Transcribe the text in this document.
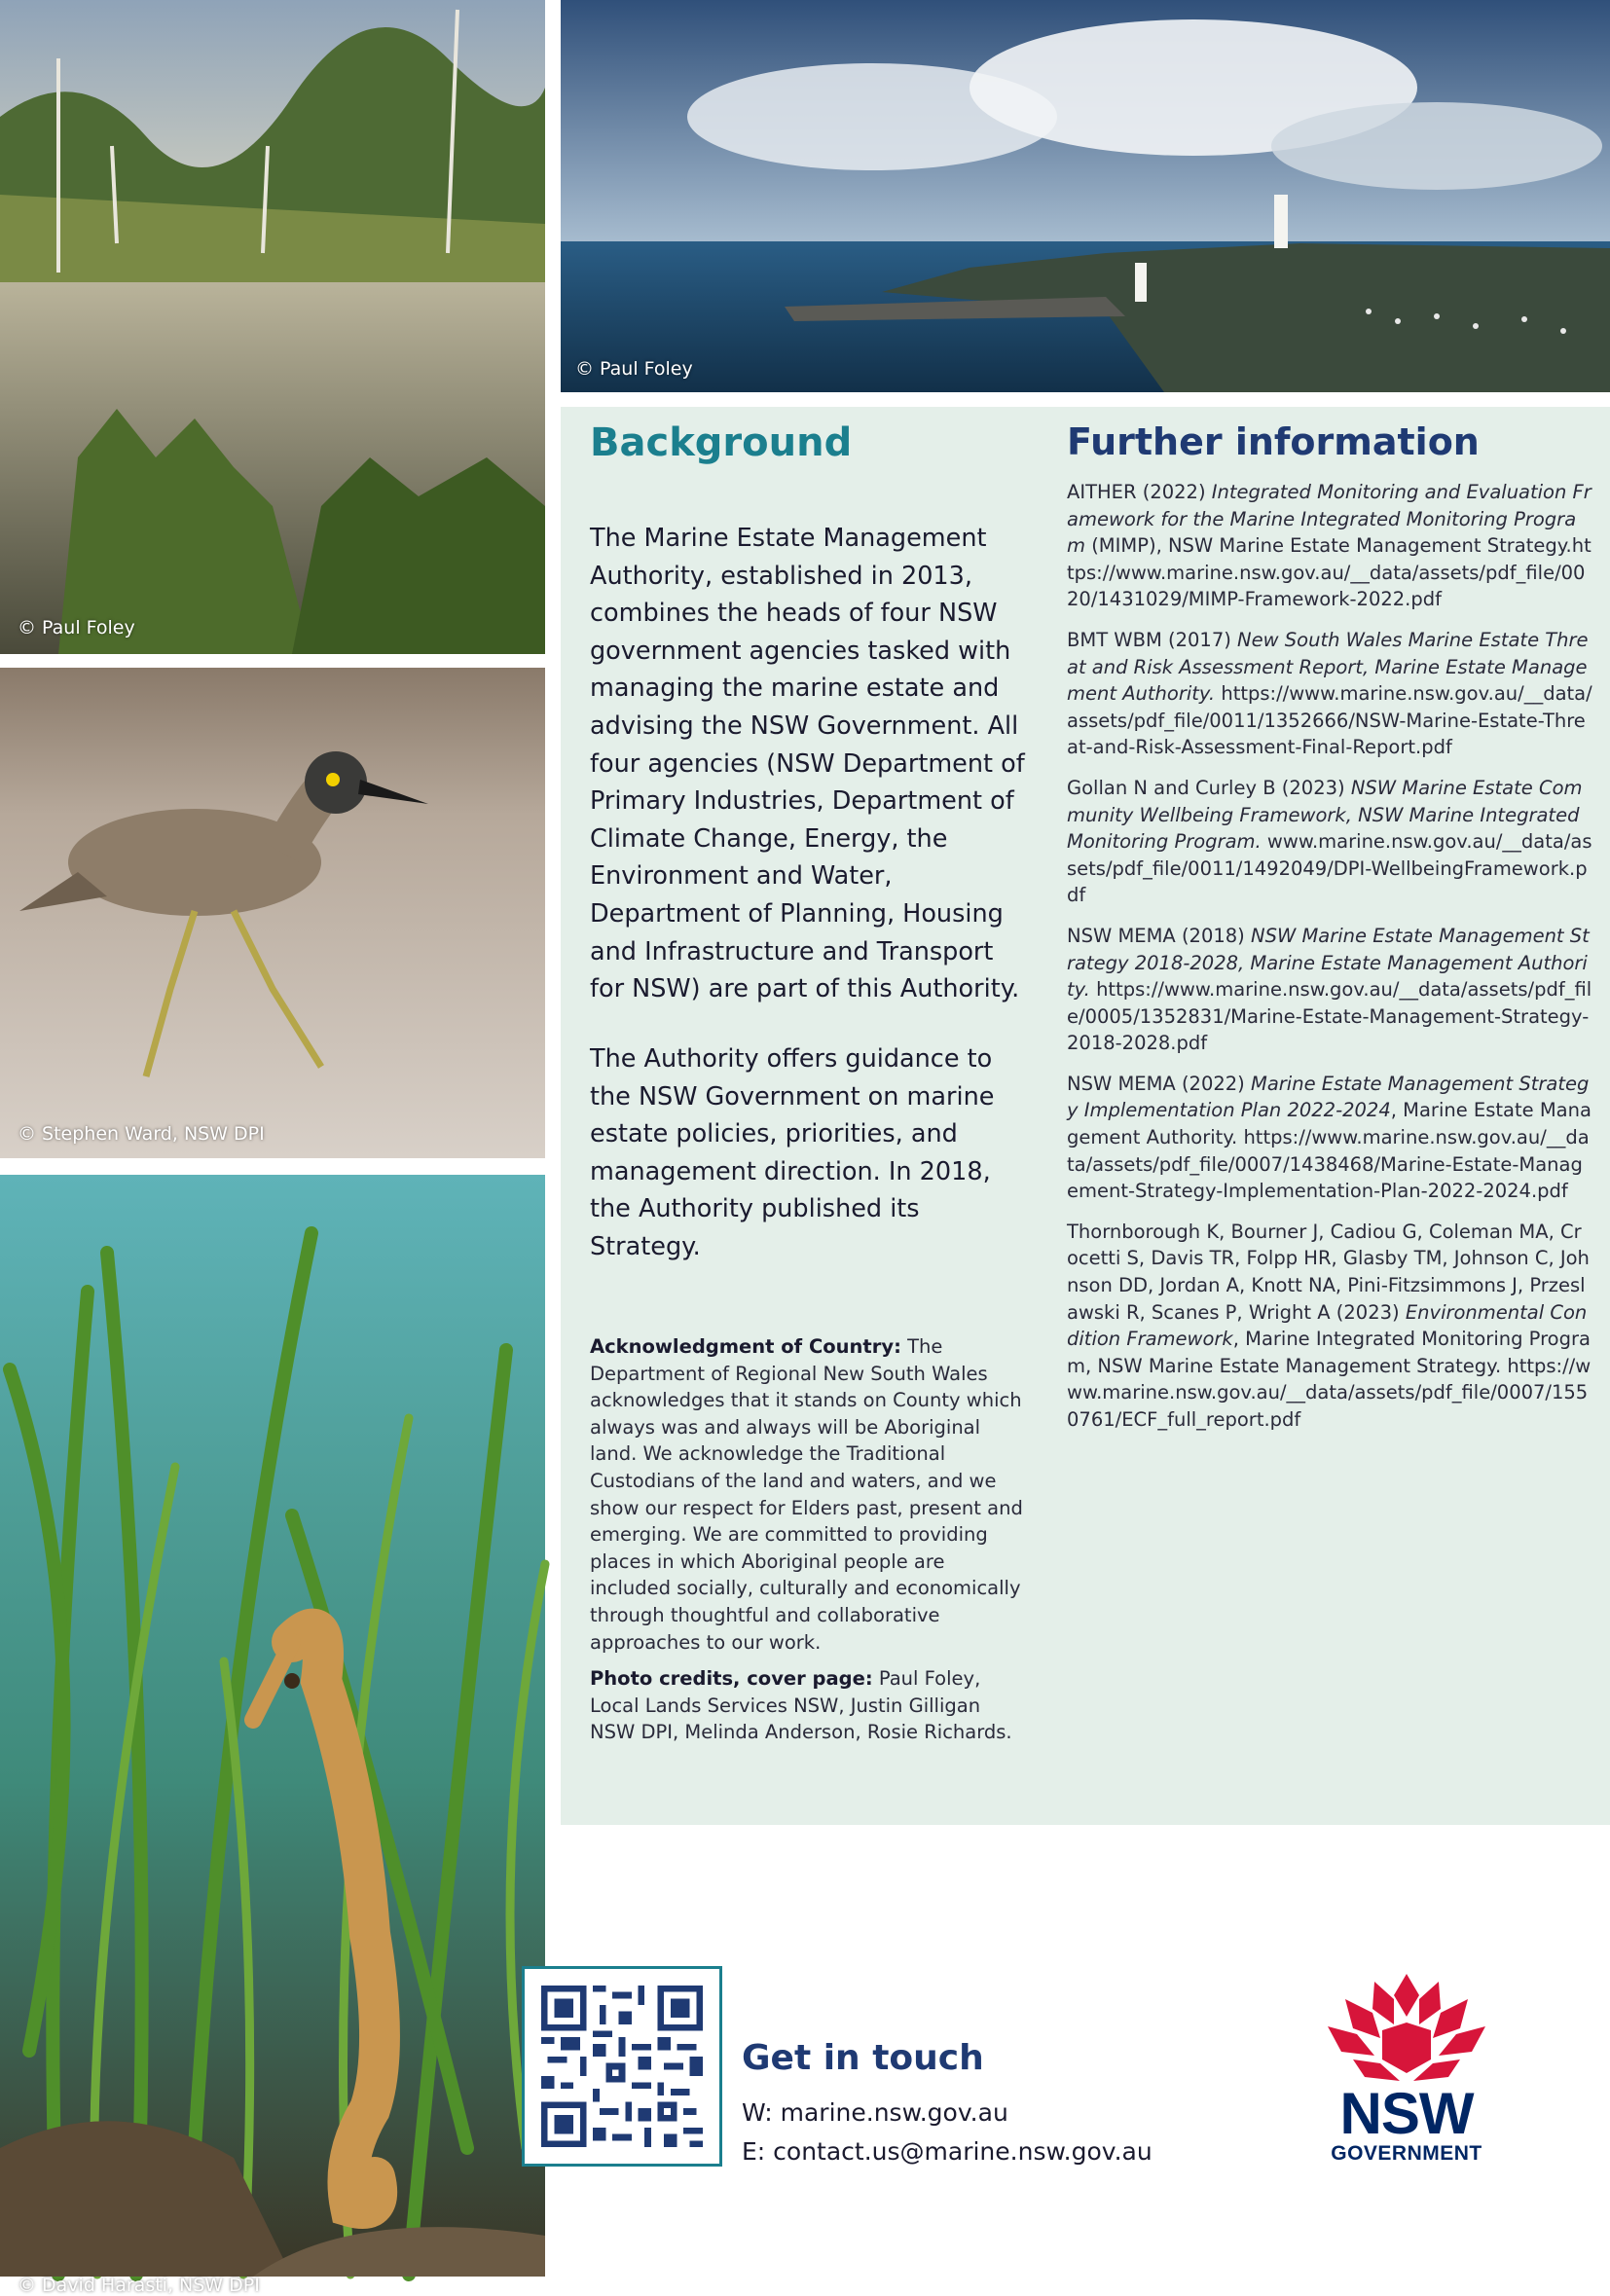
© Paul Foley
© Paul Foley
© Stephen Ward, NSW DPI
© David Harasti, NSW DPI
Background

The Marine Estate Management Authority, established in 2013, combines the heads of four NSW government agencies tasked with managing the marine estate and advising the NSW Government. All four agencies (NSW Department of Primary Industries, Department of Climate Change, Energy, the Environment and Water, Department of Planning, Housing and Infrastructure and Transport for NSW) are part of this Authority.

The Authority offers guidance to the NSW Government on marine estate policies, priorities, and management direction. In 2018, the Authority published its Strategy.

Acknowledgment of Country: The Department of Regional New South Wales acknowledges that it stands on County which always was and always will be Aboriginal land. We acknowledge the Traditional Custodians of the land and waters, and we show our respect for Elders past, present and emerging. We are committed to providing places in which Aboriginal people are included socially, culturally and economically through thoughtful and collaborative approaches to our work.

Photo credits, cover page: Paul Foley, Local Lands Services NSW, Justin Gilligan NSW DPI, Melinda Anderson, Rosie Richards.

Further information

AITHER (2022) Integrated Monitoring and Evaluation Framework for the Marine Integrated Monitoring Program (MIMP), NSW Marine Estate Management Strategy.https://www.marine.nsw.gov.au/__data/assets/pdf_file/0020/1431029/MIMP-Framework-2022.pdf

BMT WBM (2017) New South Wales Marine Estate Threat and Risk Assessment Report, Marine Estate Management Authority. https://www.marine.nsw.gov.au/__data/assets/pdf_file/0011/1352666/NSW-Marine-Estate-Threat-and-Risk-Assessment-Final-Report.pdf

Gollan N and Curley B (2023) NSW Marine Estate Community Wellbeing Framework, NSW Marine Integrated Monitoring Program. www.marine.nsw.gov.au/__data/assets/pdf_file/0011/1492049/DPI-WellbeingFramework.pdf

NSW MEMA (2018) NSW Marine Estate Management Strategy 2018-2028, Marine Estate Management Authority. https://www.marine.nsw.gov.au/__data/assets/pdf_file/0005/1352831/Marine-Estate-Management-Strategy-2018-2028.pdf

NSW MEMA (2022) Marine Estate Management Strategy Implementation Plan 2022-2024, Marine Estate Management Authority. https://www.marine.nsw.gov.au/__data/assets/pdf_file/0007/1438468/Marine-Estate-Management-Strategy-Implementation-Plan-2022-2024.pdf

Thornborough K, Bourner J, Cadiou G, Coleman MA, Crocetti S, Davis TR, Folpp HR, Glasby TM, Johnson C, Johnson DD, Jordan A, Knott NA, Pini-Fitzsimmons J, Przeslawski R, Scanes P, Wright A (2023) Environmental Condition Framework, Marine Integrated Monitoring Program, NSW Marine Estate Management Strategy. https://www.marine.nsw.gov.au/__data/assets/pdf_file/0007/1550761/ECF_full_report.pdf

Get in touch
W: marine.nsw.gov.au
E: contact.us@marine.nsw.gov.au
NSW
GOVERNMENT
